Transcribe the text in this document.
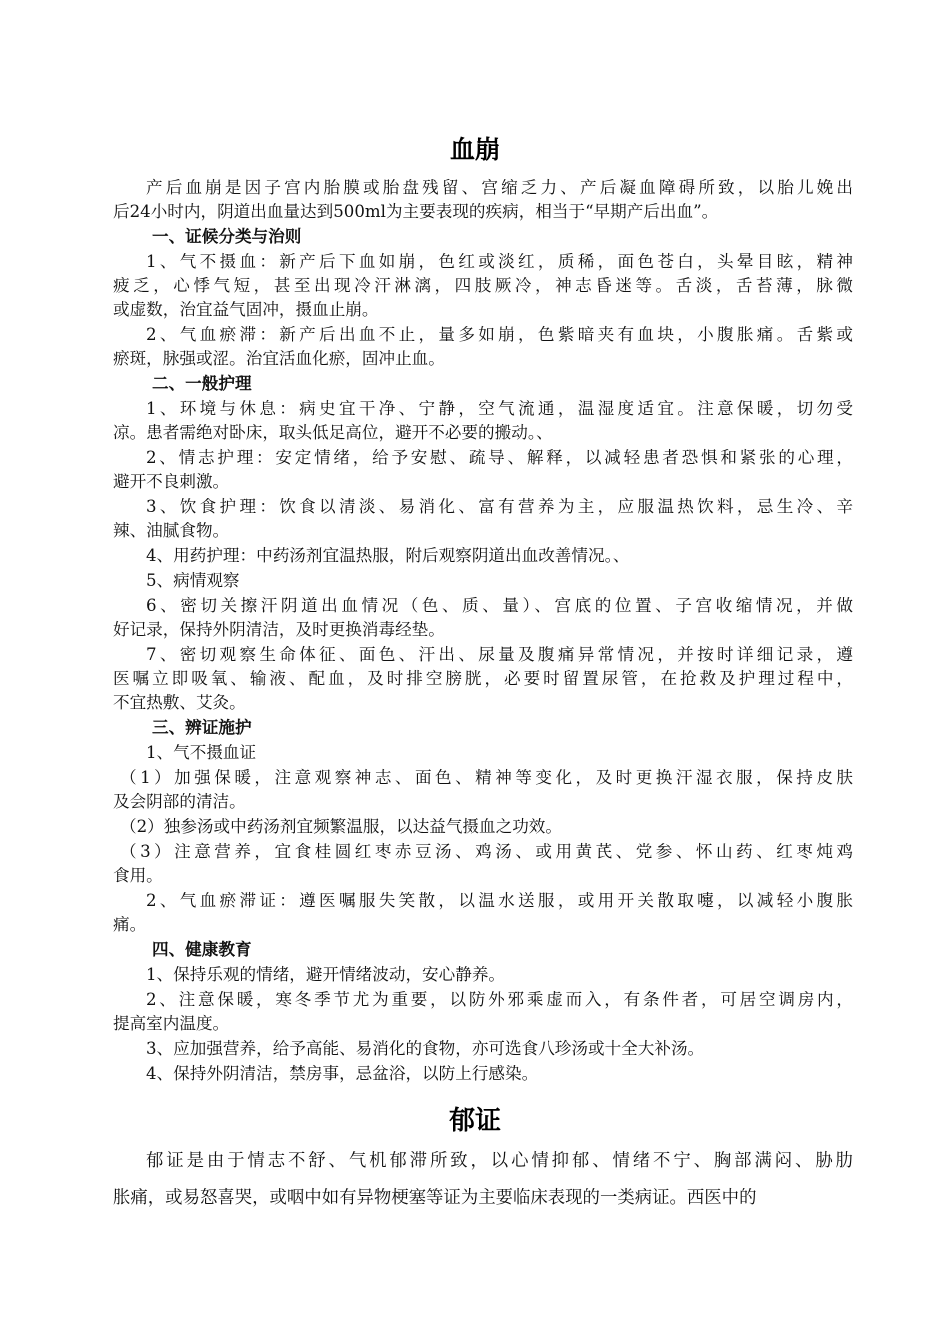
血崩
产后血崩是因子宫内胎膜或胎盘残留、宫缩乏力、产后凝血障碍所致，以胎儿娩出
后24小时内，阴道出血量达到500ml为主要表现的疾病，相当于“早期产后出血”。
一、证候分类与治则
1、气不摄血：新产后下血如崩，色红或淡红，质稀，面色苍白，头晕目眩，精神
疲乏，心悸气短，甚至出现冷汗淋漓，四肢厥冷，神志昏迷等。舌淡，舌苔薄，脉微
或虚数，治宜益气固冲，摄血止崩。
2、气血瘀滞：新产后出血不止，量多如崩，色紫暗夹有血块，小腹胀痛。舌紫或
瘀斑，脉强或涩。治宜活血化瘀，固冲止血。
二、一般护理
1、环境与休息：病史宜干净、宁静，空气流通，温湿度适宜。注意保暖，切勿受
凉。患者需绝对卧床，取头低足高位，避开不必要的搬动。、
2、情志护理：安定情绪，给予安慰、疏导、解释，以减轻患者恐惧和紧张的心理，
避开不良刺激。
3、饮食护理：饮食以清淡、易消化、富有营养为主，应服温热饮料，忌生冷、辛
辣、油腻食物。
4、用药护理：中药汤剂宜温热服，附后观察阴道出血改善情况。、
5、病情观察
6、密切关擦汗阴道出血情况（色、质、量）、宫底的位置、子宫收缩情况，并做
好记录，保持外阴清洁，及时更换消毒经垫。
7、密切观察生命体征、面色、汗出、尿量及腹痛异常情况，并按时详细记录，遵
医嘱立即吸氧、输液、配血，及时排空膀胱，必要时留置尿管，在抢救及护理过程中，
不宜热敷、艾灸。
三、辨证施护
1、气不摄血证
（1）加强保暖，注意观察神志、面色、精神等变化，及时更换汗湿衣服，保持皮肤
及会阴部的清洁。
（2）独参汤或中药汤剂宜频繁温服，以达益气摄血之功效。
（3）注意营养，宜食桂圆红枣赤豆汤、鸡汤、或用黄芪、党参、怀山药、红枣炖鸡
食用。
2、气血瘀滞证：遵医嘱服失笑散，以温水送服，或用开关散取嚏，以减轻小腹胀
痛。
四、健康教育
1、保持乐观的情绪，避开情绪波动，安心静养。
2、注意保暖，寒冬季节尤为重要，以防外邪乘虚而入，有条件者，可居空调房内，
提高室内温度。
3、应加强营养，给予高能、易消化的食物，亦可选食八珍汤或十全大补汤。
4、保持外阴清洁，禁房事，忌盆浴，以防上行感染。
郁证
郁证是由于情志不舒、气机郁滞所致，以心情抑郁、情绪不宁、胸部满闷、胁肋
胀痛，或易怒喜哭，或咽中如有异物梗塞等证为主要临床表现的一类病证。西医中的
